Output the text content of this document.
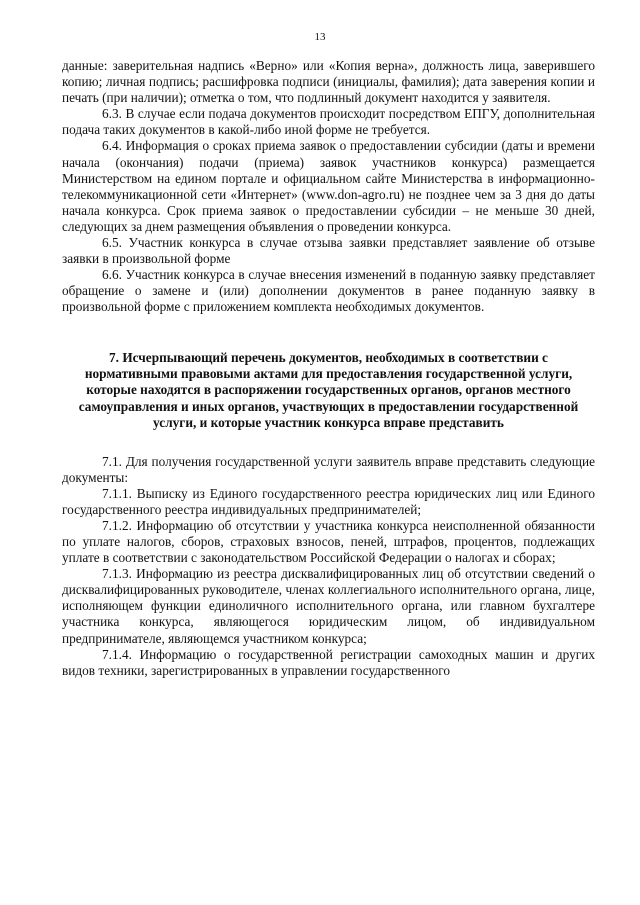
13

данные: заверительная надпись «Верно» или «Копия верна», должность лица, заверившего копию; личная подпись; расшифровка подписи (инициалы, фамилия); дата заверения копии и печать (при наличии); отметка о том, что подлинный документ находится у заявителя.

6.3. В случае если подача документов происходит посредством ЕПГУ, дополнительная подача таких документов в какой-либо иной форме не требуется.

6.4. Информация о сроках приема заявок о предоставлении субсидии (даты и времени начала (окончания) подачи (приема) заявок участников конкурса) размещается Министерством на едином портале и официальном сайте Министерства в информационно-телекоммуникационной сети «Интернет» (www.don-agro.ru) не позднее чем за 3 дня до даты начала конкурса. Срок приема заявок о предоставлении субсидии – не меньше 30 дней, следующих за днем размещения объявления о проведении конкурса.

6.5. Участник конкурса в случае отзыва заявки представляет заявление об отзыве заявки в произвольной форме

6.6. Участник конкурса в случае внесения изменений в поданную заявку представляет обращение о замене и (или) дополнении документов в ранее поданную заявку в произвольной форме с приложением комплекта необходимых документов.

7. Исчерпывающий перечень документов, необходимых в соответствии с нормативными правовыми актами для предоставления государственной услуги, которые находятся в распоряжении государственных органов, органов местного самоуправления и иных органов, участвующих в предоставлении государственной услуги, и которые участник конкурса вправе представить

7.1. Для получения государственной услуги заявитель вправе представить следующие документы:

7.1.1. Выписку из Единого государственного реестра юридических лиц или Единого государственного реестра индивидуальных предпринимателей;

7.1.2. Информацию об отсутствии у участника конкурса неисполненной обязанности по уплате налогов, сборов, страховых взносов, пеней, штрафов, процентов, подлежащих уплате в соответствии с законодательством Российской Федерации о налогах и сборах;

7.1.3. Информацию из реестра дисквалифицированных лиц об отсутствии сведений о дисквалифицированных руководителе, членах коллегиального исполнительного органа, лице, исполняющем функции единоличного исполнительного органа, или главном бухгалтере участника конкурса, являющегося юридическим лицом, об индивидуальном предпринимателе, являющемся участником конкурса;

7.1.4. Информацию о государственной регистрации самоходных машин и других видов техники, зарегистрированных в управлении государственного
